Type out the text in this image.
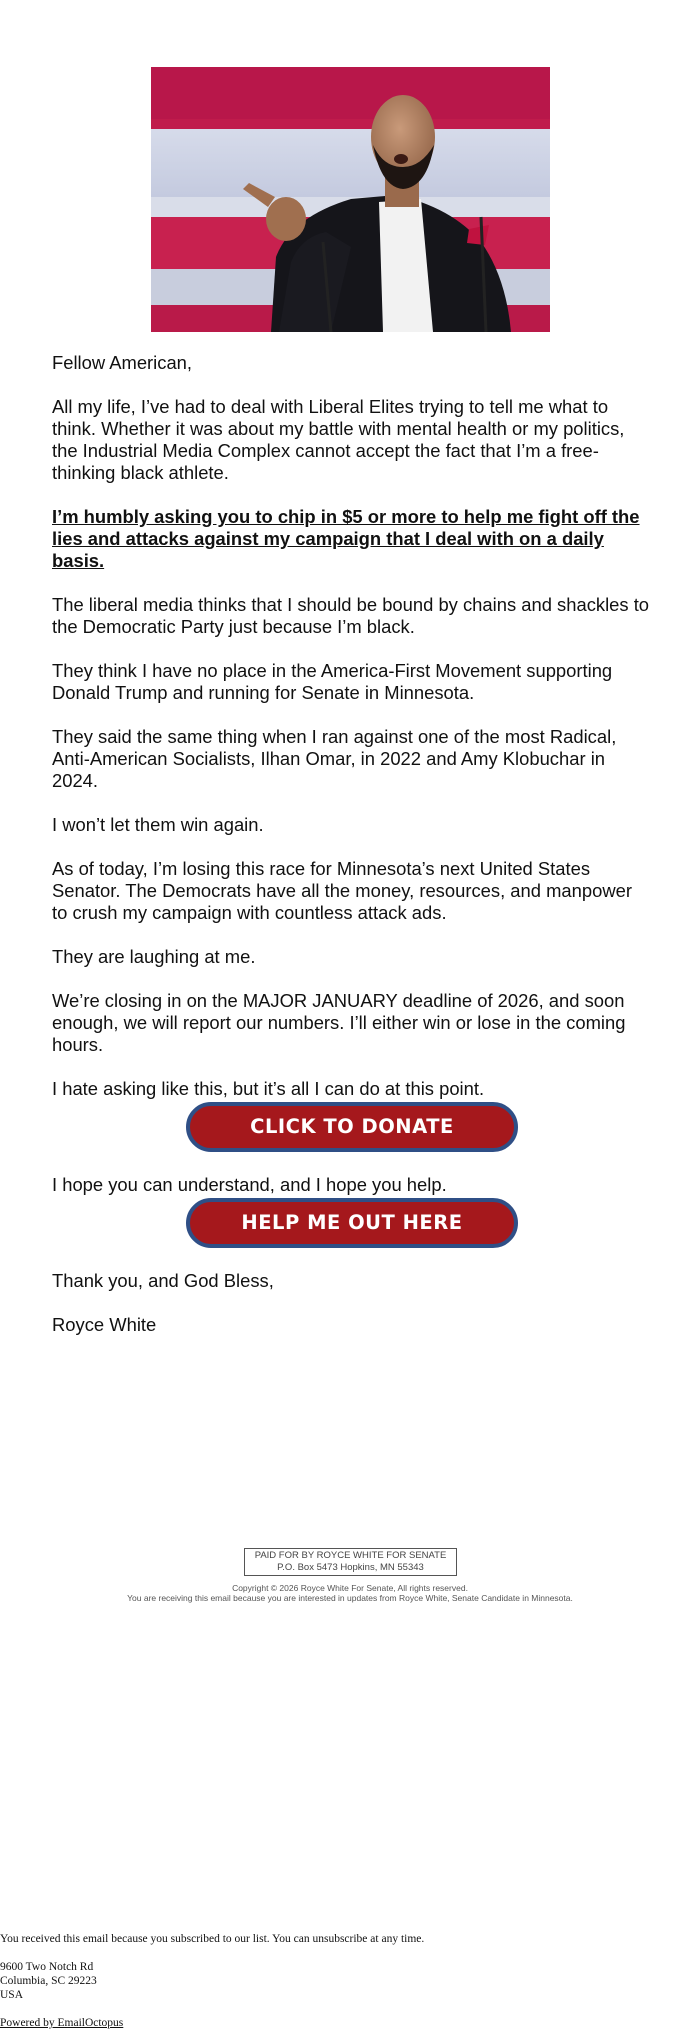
Fellow American,

All my life, I’ve had to deal with Liberal Elites trying to tell me what to think. Whether it was about my battle with mental health or my politics, the Industrial Media Complex cannot accept the fact that I’m a free-thinking black athlete.

I’m humbly asking you to chip in $5 or more to help me fight off the lies and attacks against my campaign that I deal with on a daily basis.

The liberal media thinks that I should be bound by chains and shackles to the Democratic Party just because I’m black.

They think I have no place in the America-First Movement supporting Donald Trump and running for Senate in Minnesota.

They said the same thing when I ran against one of the most Radical, Anti-American Socialists, Ilhan Omar, in 2022 and Amy Klobuchar in 2024.

I won’t let them win again.

As of today, I’m losing this race for Minnesota’s next United States Senator. The Democrats have all the money, resources, and manpower to crush my campaign with countless attack ads.

They are laughing at me.

We’re closing in on the MAJOR JANUARY deadline of 2026, and soon enough, we will report our numbers. I’ll either win or lose in the coming hours.

I hate asking like this, but it’s all I can do at this point.

CLICK TO DONATE

I hope you can understand, and I hope you help.

HELP ME OUT HERE

Thank you, and God Bless,

Royce White

PAID FOR BY ROYCE WHITE FOR SENATE
P.O. Box 5473 Hopkins, MN 55343
Copyright © 2026 Royce White For Senate, All rights reserved.
You are receiving this email because you are interested in updates from Royce White, Senate Candidate in Minnesota.

You received this email because you subscribed to our list. You can unsubscribe at any time.

9600 Two Notch Rd
Columbia, SC 29223
USA

Powered by EmailOctopus
